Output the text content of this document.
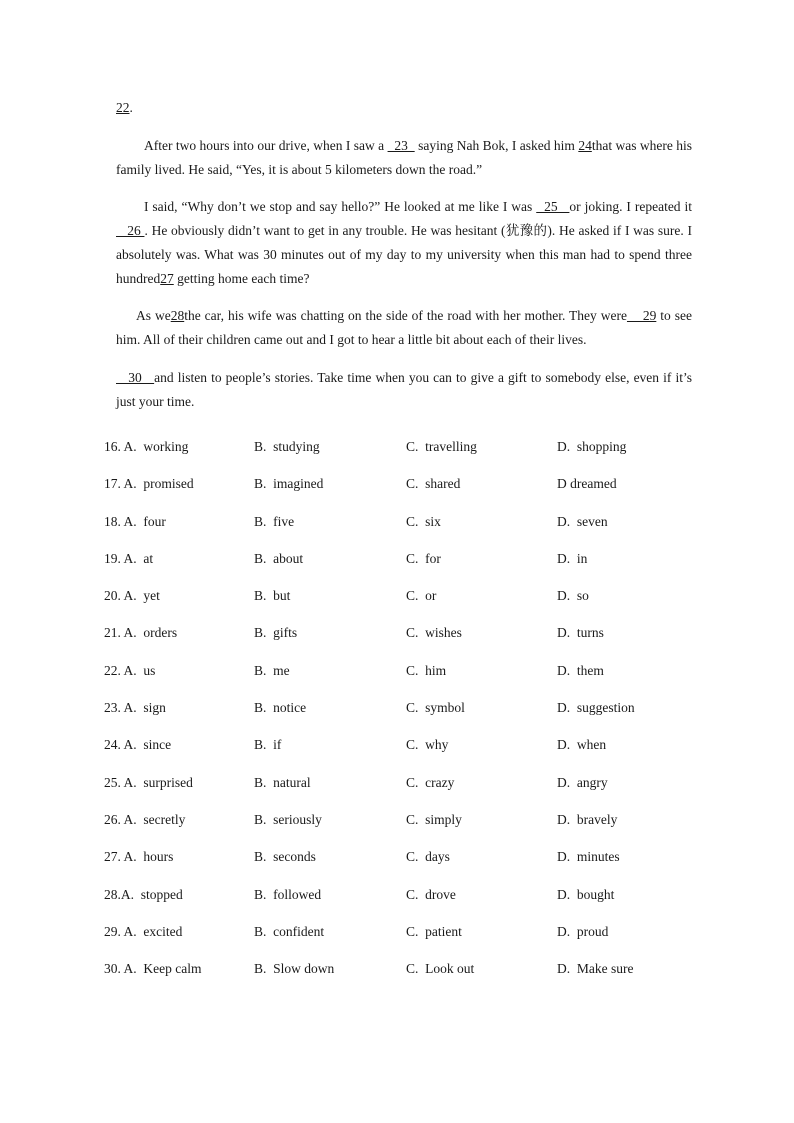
22.
After two hours into our drive, when I saw a   23   saying Nah Bok, I asked him 24that was where his family lived. He said, “Yes, it is about 5 kilometers down the road.”
I said, “Why don’t we stop and say hello?” He looked at me like I was   25   or joking. I repeated it   26 . He obviously didn’t want to get in any trouble. He was hesitant (犹豫的). He asked if I was sure. I absolutely was. What was 30 minutes out of my day to my university when this man had to spend three hundred27 getting home each time?
As we28the car, his wife was chatting on the side of the road with her mother. They were    29 to see him. All of their children came out and I got to hear a little bit about each of their lives.
30   and listen to people’s stories. Take time when you can to give a gift to somebody else, even if it’s just your time.
16. A.  working	B.  studying	C.  travelling	D.  shopping
17. A.  promised	B.  imagined	C.  shared	D dreamed
18. A.  four	B.  five	C.  six	D.  seven
19. A.  at	B.  about	C.  for	D.  in
20. A.  yet	B.  but	C.  or	D.  so
21. A.  orders	B.  gifts	C.  wishes	D.  turns
22. A.  us	B.  me	C.  him	D.  them
23. A.  sign	B.  notice	C.  symbol	D.  suggestion
24. A.  since	B.  if	C.  why	D.  when
25. A.  surprised	B.  natural	C.  crazy	D.  angry
26. A.  secretly	B.  seriously	C.  simply	D.  bravely
27. A.  hours	B.  seconds	C.  days	D.  minutes
28.A.  stopped	B.  followed	C.  drove	D.  bought
29. A.  excited	B.  confident	C.  patient	D.  proud
30. A.  Keep calm	B.  Slow down	C.  Look out	D.  Make sure
